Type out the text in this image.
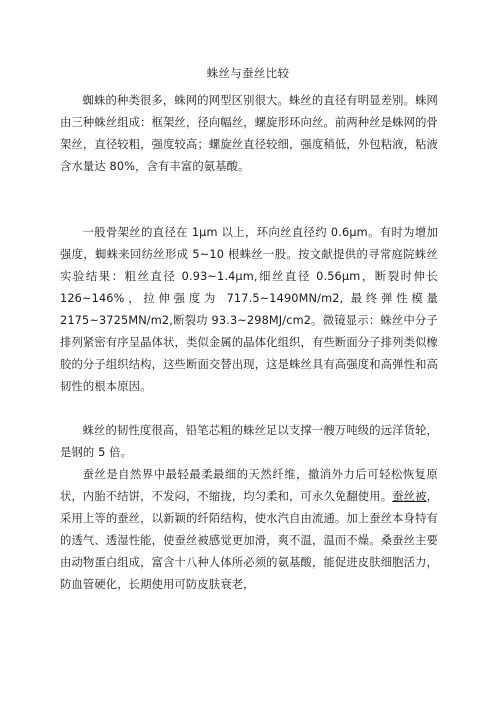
蛛丝与蚕丝比较

蜘蛛的种类很多，蛛网的网型区别很大。蛛丝的直径有明显差别。蛛网由三种蛛丝组成：框架丝，径向幅丝，螺旋形环向丝。前两种丝是蛛网的骨架丝，直径较粗，强度较高；螺旋丝直径较细，强度稍低，外包粘液，粘液含水量达 80%，含有丰富的氨基酸。

一般骨架丝的直径在 1μm 以上，环向丝直径约 0.6μm。有时为增加强度，蜘蛛来回纺丝形成 5~10 根蛛丝一股。按文献提供的寻常庭院蛛丝实验结果：粗丝直径 0.93~1.4μm,细丝直径 0.56μm，断裂时伸长 126~146%，拉伸强度为 717.5~1490MN/m2, 最终弹性模量 2175~3725MN/m2,断裂功 93.3~298MJ/cm2。微镜显示：蛛丝中分子排列紧密有序呈晶体状，类似金属的晶体化组织，有些断面分子排列类似橡胶的分子组织结构，这些断面交替出现，这是蛛丝具有高强度和高弹性和高韧性的根本原因。

蛛丝的韧性度很高，铅笔芯粗的蛛丝足以支撑一艘万吨级的远洋货轮，是钢的 5 倍。

蚕丝是自然界中最轻最柔最细的天然纤维，撤消外力后可轻松恢复原状，内胎不结饼，不发闷，不缩拢，均匀柔和，可永久免翻使用。蚕丝被，采用上等的蚕丝，以新颖的纤陌结构，使水汽自由流通。加上蚕丝本身特有的透气、透湿性能，使蚕丝被感觉更加滑，爽不温，温而不燥。桑蚕丝主要由动物蛋白组成，富含十八种人体所必须的氨基酸，能促进皮肤细胞活力，防血管硬化，长期使用可防皮肤衰老，
